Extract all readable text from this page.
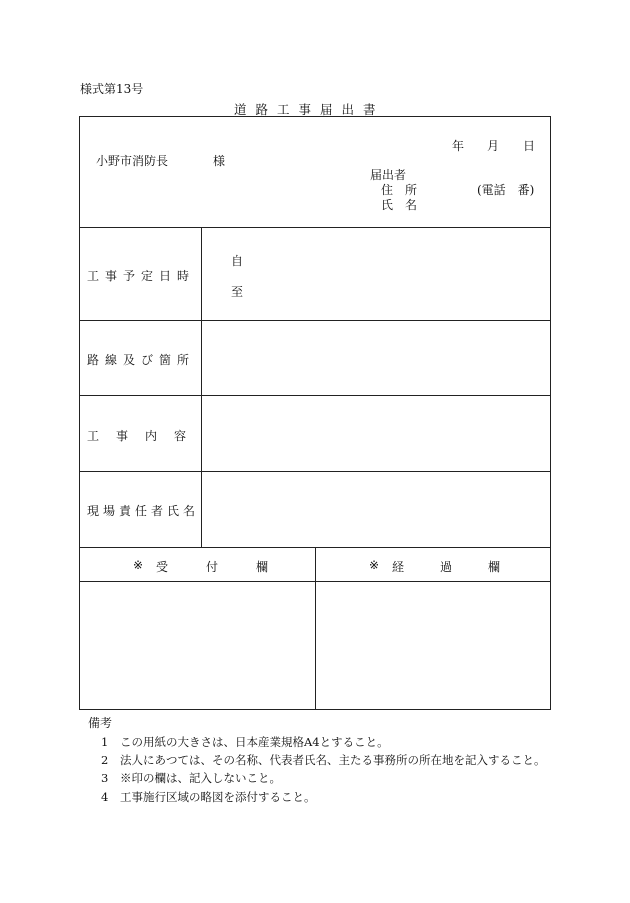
様式第13号
道路工事届出書
年 月 日
小野市消防長	様
届出者
住　所	(電話　番)
氏　名
工事予定日時
自
至
路線及び箇所
工事内容
現場責任者氏名
※ 受付欄	※ 経過欄
備考
1 この用紙の大きさは、日本産業規格A4とすること。
2 法人にあつては、その名称、代表者氏名、主たる事務所の所在地を記入すること。
3 ※印の欄は、記入しないこと。
4 工事施行区域の略図を添付すること。
